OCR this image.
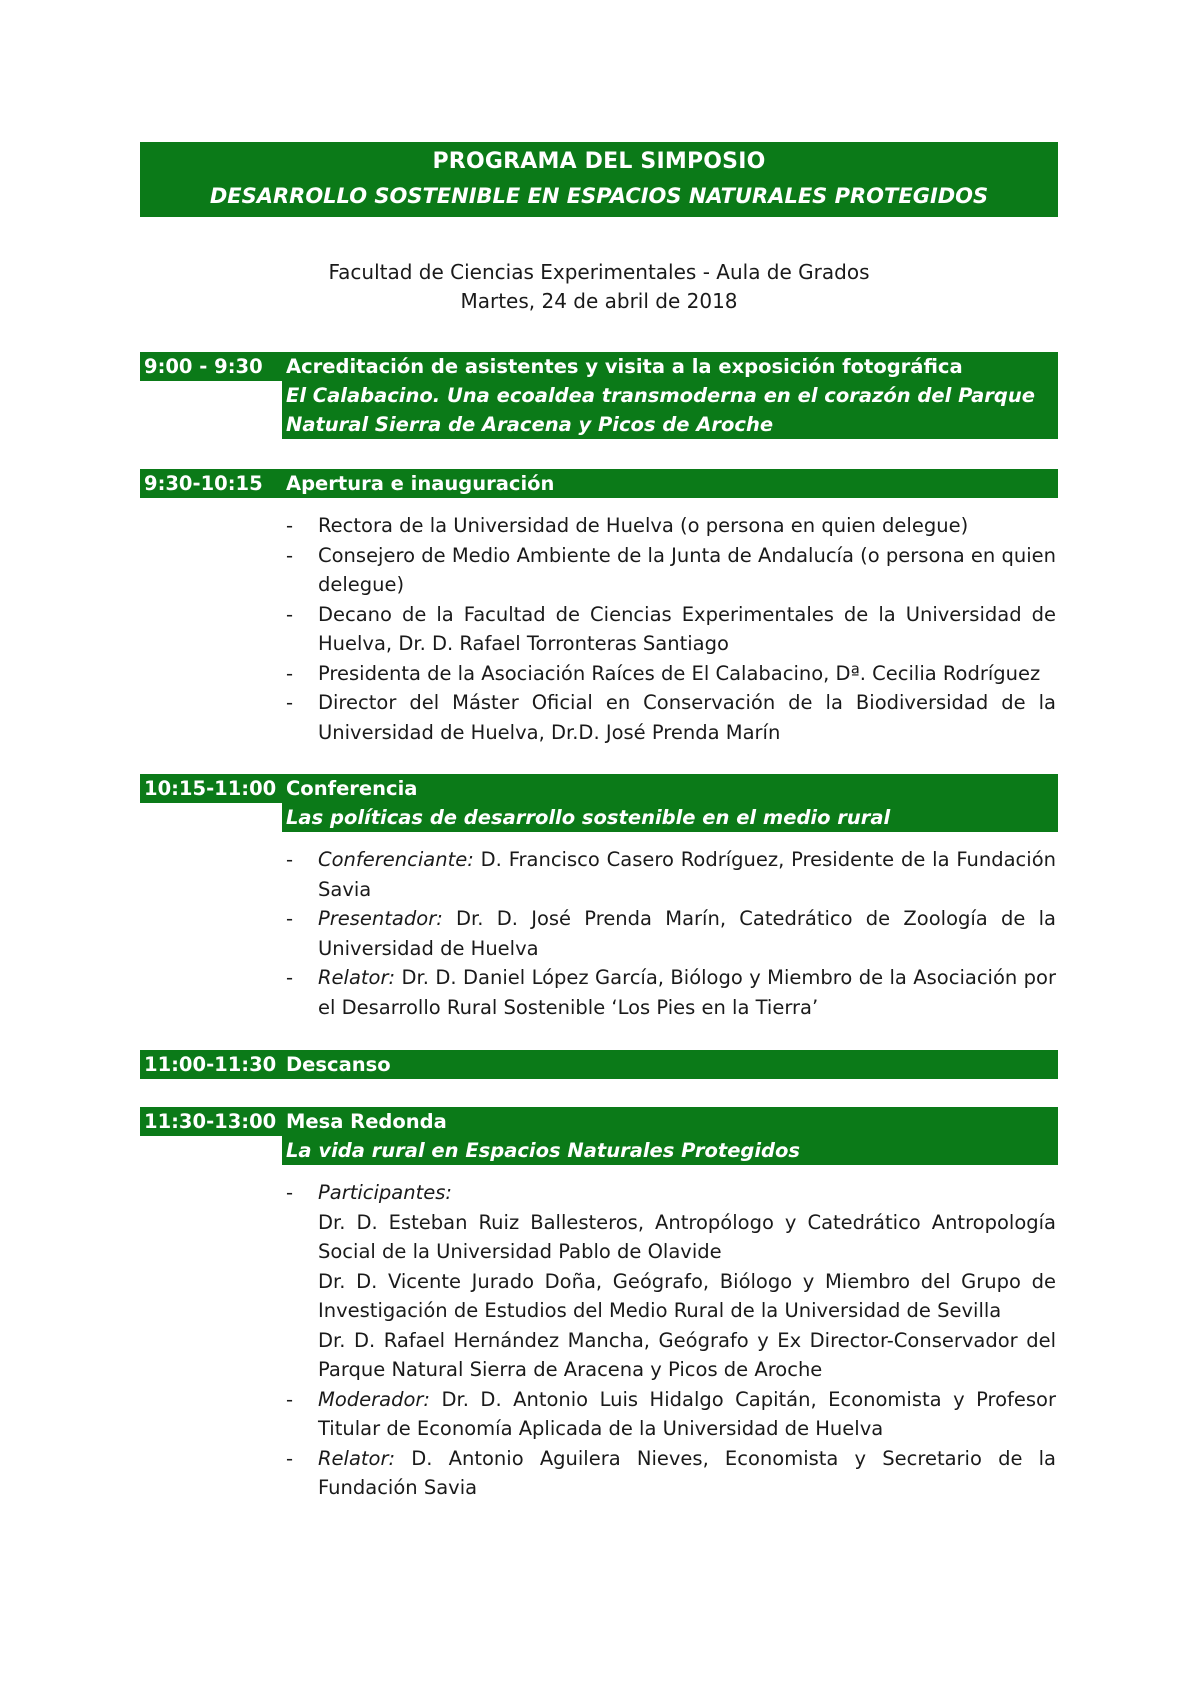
PROGRAMA DEL SIMPOSIO
DESARROLLO SOSTENIBLE EN ESPACIOS NATURALES PROTEGIDOS
Facultad de Ciencias Experimentales - Aula de Grados
Martes, 24 de abril de 2018
9:00 - 9:30	Acreditación de asistentes y visita a la exposición fotográfica
El Calabacino. Una ecoaldea transmoderna en el corazón del Parque Natural Sierra de Aracena y Picos de Aroche
9:30-10:15	Apertura e inauguración
-	Rectora de la Universidad de Huelva (o persona en quien delegue)
-	Consejero de Medio Ambiente de la Junta de Andalucía (o persona en quien delegue)
-	Decano de la Facultad de Ciencias Experimentales de la Universidad de Huelva, Dr. D. Rafael Torronteras Santiago
-	Presidenta de la Asociación Raíces de El Calabacino, Dª. Cecilia Rodríguez
-	Director del Máster Oficial en Conservación de la Biodiversidad de la Universidad de Huelva, Dr.D. José Prenda Marín
10:15-11:00 Conferencia
Las políticas de desarrollo sostenible en el medio rural
-	Conferenciante: D. Francisco Casero Rodríguez, Presidente de la Fundación Savia
-	Presentador: Dr. D. José Prenda Marín, Catedrático de Zoología de la Universidad de Huelva
-	Relator: Dr. D. Daniel López García, Biólogo y Miembro de la Asociación por el Desarrollo Rural Sostenible ‘Los Pies en la Tierra’
11:00-11:30 Descanso
11:30-13:00 Mesa Redonda
La vida rural en Espacios Naturales Protegidos
-	Participantes:
Dr. D. Esteban Ruiz Ballesteros, Antropólogo y Catedrático Antropología Social de la Universidad Pablo de Olavide
Dr. D. Vicente Jurado Doña, Geógrafo, Biólogo y Miembro del Grupo de Investigación de Estudios del Medio Rural de la Universidad de Sevilla
Dr. D. Rafael Hernández Mancha, Geógrafo y Ex Director-Conservador del Parque Natural Sierra de Aracena y Picos de Aroche
-	Moderador: Dr. D. Antonio Luis Hidalgo Capitán, Economista y Profesor Titular de Economía Aplicada de la Universidad de Huelva
-	Relator: D. Antonio Aguilera Nieves, Economista y Secretario de la Fundación Savia
